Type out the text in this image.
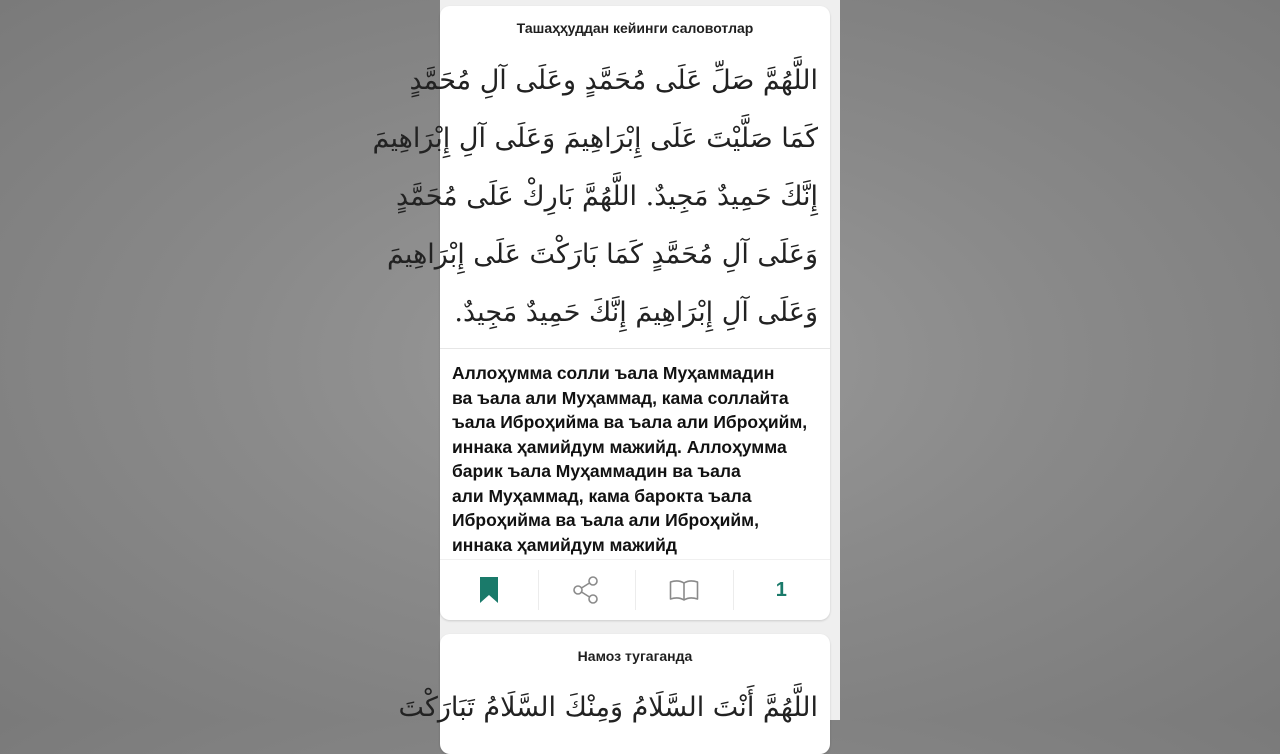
Ташаҳҳуддан кейинги саловотлар
اللَّهُمَّ صَلِّ عَلَى مُحَمَّدٍ وعَلَى آلِ مُحَمَّدٍ
كَمَا صَلَّيْتَ عَلَى إِبْرَاهِيمَ وَعَلَى آلِ إِبْرَاهِيمَ
إِنَّكَ حَمِيدٌ مَجِيدٌ. اللَّهُمَّ بَارِكْ عَلَى مُحَمَّدٍ
وَعَلَى آلِ مُحَمَّدٍ كَمَا بَارَكْتَ عَلَى إِبْرَاهِيمَ
وَعَلَى آلِ إِبْرَاهِيمَ إِنَّكَ حَمِيدٌ مَجِيدٌ.
Аллоҳумма солли ъала Муҳаммадин
ва ъала али Муҳаммад, кама соллайта
ъала Иброҳийма ва ъала али Иброҳийм,
иннака ҳамийдум мажийд. Аллоҳумма
барик ъала Муҳаммадин ва ъала
али Муҳаммад, кама барокта ъала
Иброҳийма ва ъала али Иброҳийм,
иннака ҳамийдум мажийд
1
Намоз тугаганда
اللَّهُمَّ أَنْتَ السَّلَامُ وَمِنْكَ السَّلَامُ تَبَارَكْتَ
